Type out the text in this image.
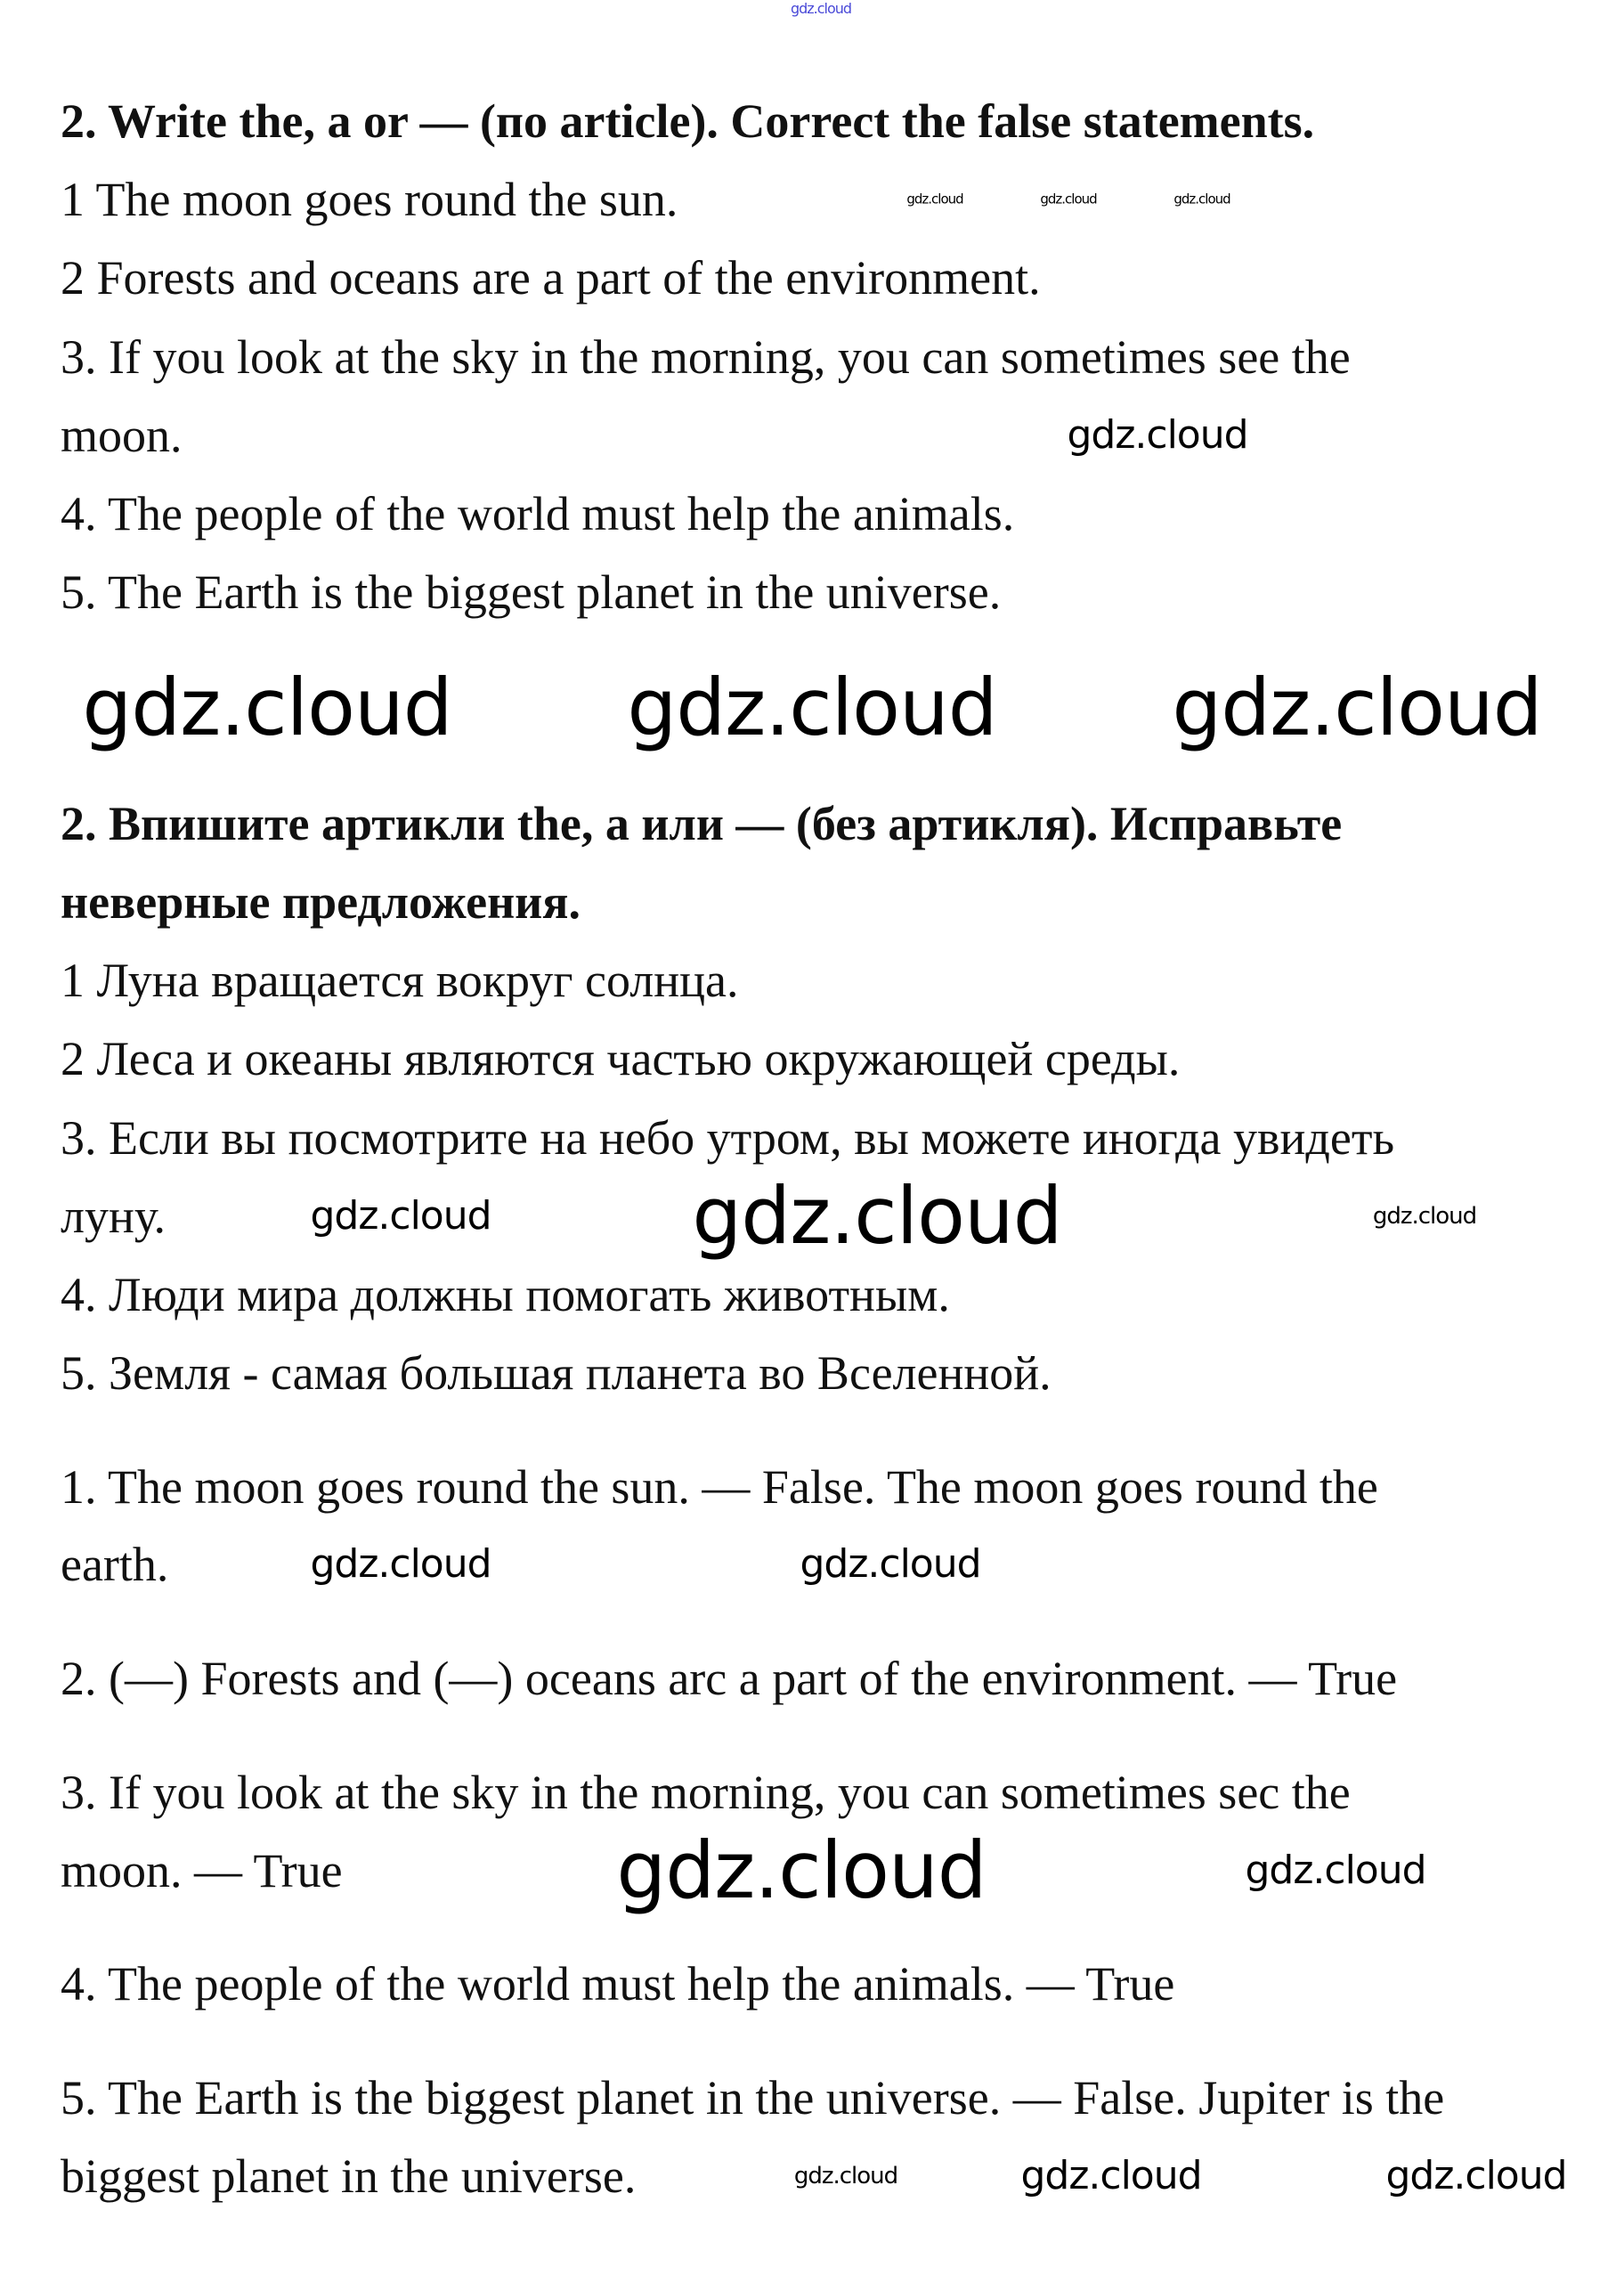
2. Write the, a or — (по article). Correct the false statements.
1 The moon goes round the sun.
2 Forests and oceans are a part of the environment.
3. If you look at the sky in the morning, you can sometimes see the
moon.
4. The people of the world must help the animals.
5. The Earth is the biggest planet in the universe.
2. Впишите артикли the, а или — (без артикля). Исправьте
неверные предложения.
1 Луна вращается вокруг солнца.
2 Леса и океаны являются частью окружающей среды.
3. Если вы посмотрите на небо утром, вы можете иногда увидеть
луну.
4. Люди мира должны помогать животным.
5. Земля - самая большая планета во Вселенной.
1. The moon goes round the sun. — False. The moon goes round the
earth.
2. (—) Forests and (—) oceans arc a part of the environment. — True
3. If you look at the sky in the morning, you can sometimes sec the
moon. — True
4. The people of the world must help the animals. — True
5. The Earth is the biggest planet in the universe. — False. Jupiter is the
biggest planet in the universe.
gdz.cloud
gdz.cloud	gdz.cloud	gdz.cloud
gdz.cloud
gdz.cloud
gdz.cloud gdz.cloud
gdz.cloud	gdz.cloud	gdz.cloud
gdz.cloud
gdz.cloud
gdz.cloud
gdz.cloud
gdz.cloud	gdz.cloud	gdz.cloud
